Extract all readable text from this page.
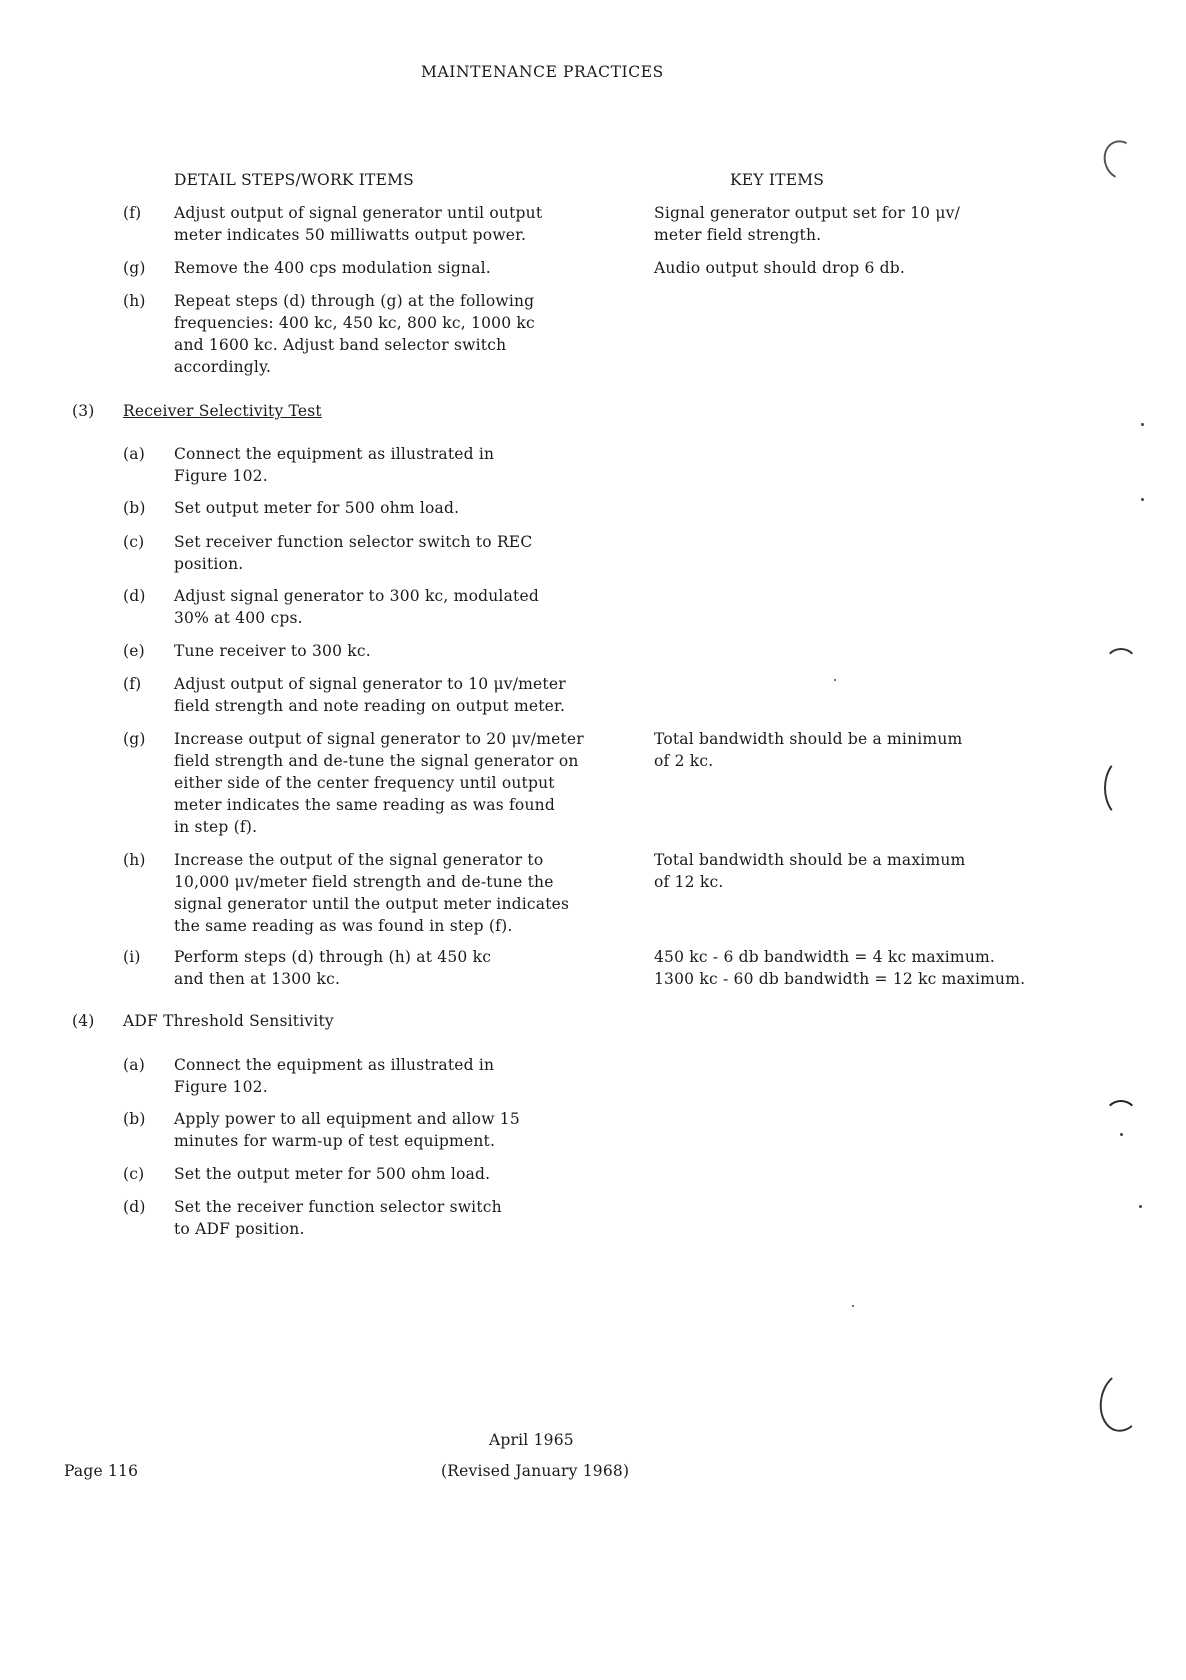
MAINTENANCE PRACTICES
DETAIL STEPS/WORK ITEMS	KEY ITEMS
(f) Adjust output of signal generator until output
meter indicates 50 milliwatts output power.
Signal generator output set for 10 μv/
meter field strength.
(g) Remove the 400 cps modulation signal.	Audio output should drop 6 db.
(h) Repeat steps (d) through (g) at the following
frequencies: 400 kc, 450 kc, 800 kc, 1000 kc
and 1600 kc. Adjust band selector switch
accordingly.
(3) Receiver Selectivity Test
(a) Connect the equipment as illustrated in
Figure 102.
(b) Set output meter for 500 ohm load.
(c) Set receiver function selector switch to REC
position.
(d) Adjust signal generator to 300 kc, modulated
30% at 400 cps.
(e) Tune receiver to 300 kc.
(f) Adjust output of signal generator to 10 μv/meter
field strength and note reading on output meter.
(g) Increase output of signal generator to 20 μv/meter
field strength and de-tune the signal generator on
either side of the center frequency until output
meter indicates the same reading as was found
in step (f).
Total bandwidth should be a minimum
of 2 kc.
(h) Increase the output of the signal generator to
10,000 μv/meter field strength and de-tune the
signal generator until the output meter indicates
the same reading as was found in step (f).
Total bandwidth should be a maximum
of 12 kc.
(i) Perform steps (d) through (h) at 450 kc
and then at 1300 kc.
450 kc - 6 db bandwidth = 4 kc maximum.
1300 kc - 60 db bandwidth = 12 kc maximum.
(4) ADF Threshold Sensitivity
(a) Connect the equipment as illustrated in
Figure 102.
(b) Apply power to all equipment and allow 15
minutes for warm-up of test equipment.
(c) Set the output meter for 500 ohm load.
(d) Set the receiver function selector switch
to ADF position.
April 1965
(Revised January 1968)
Page 116
